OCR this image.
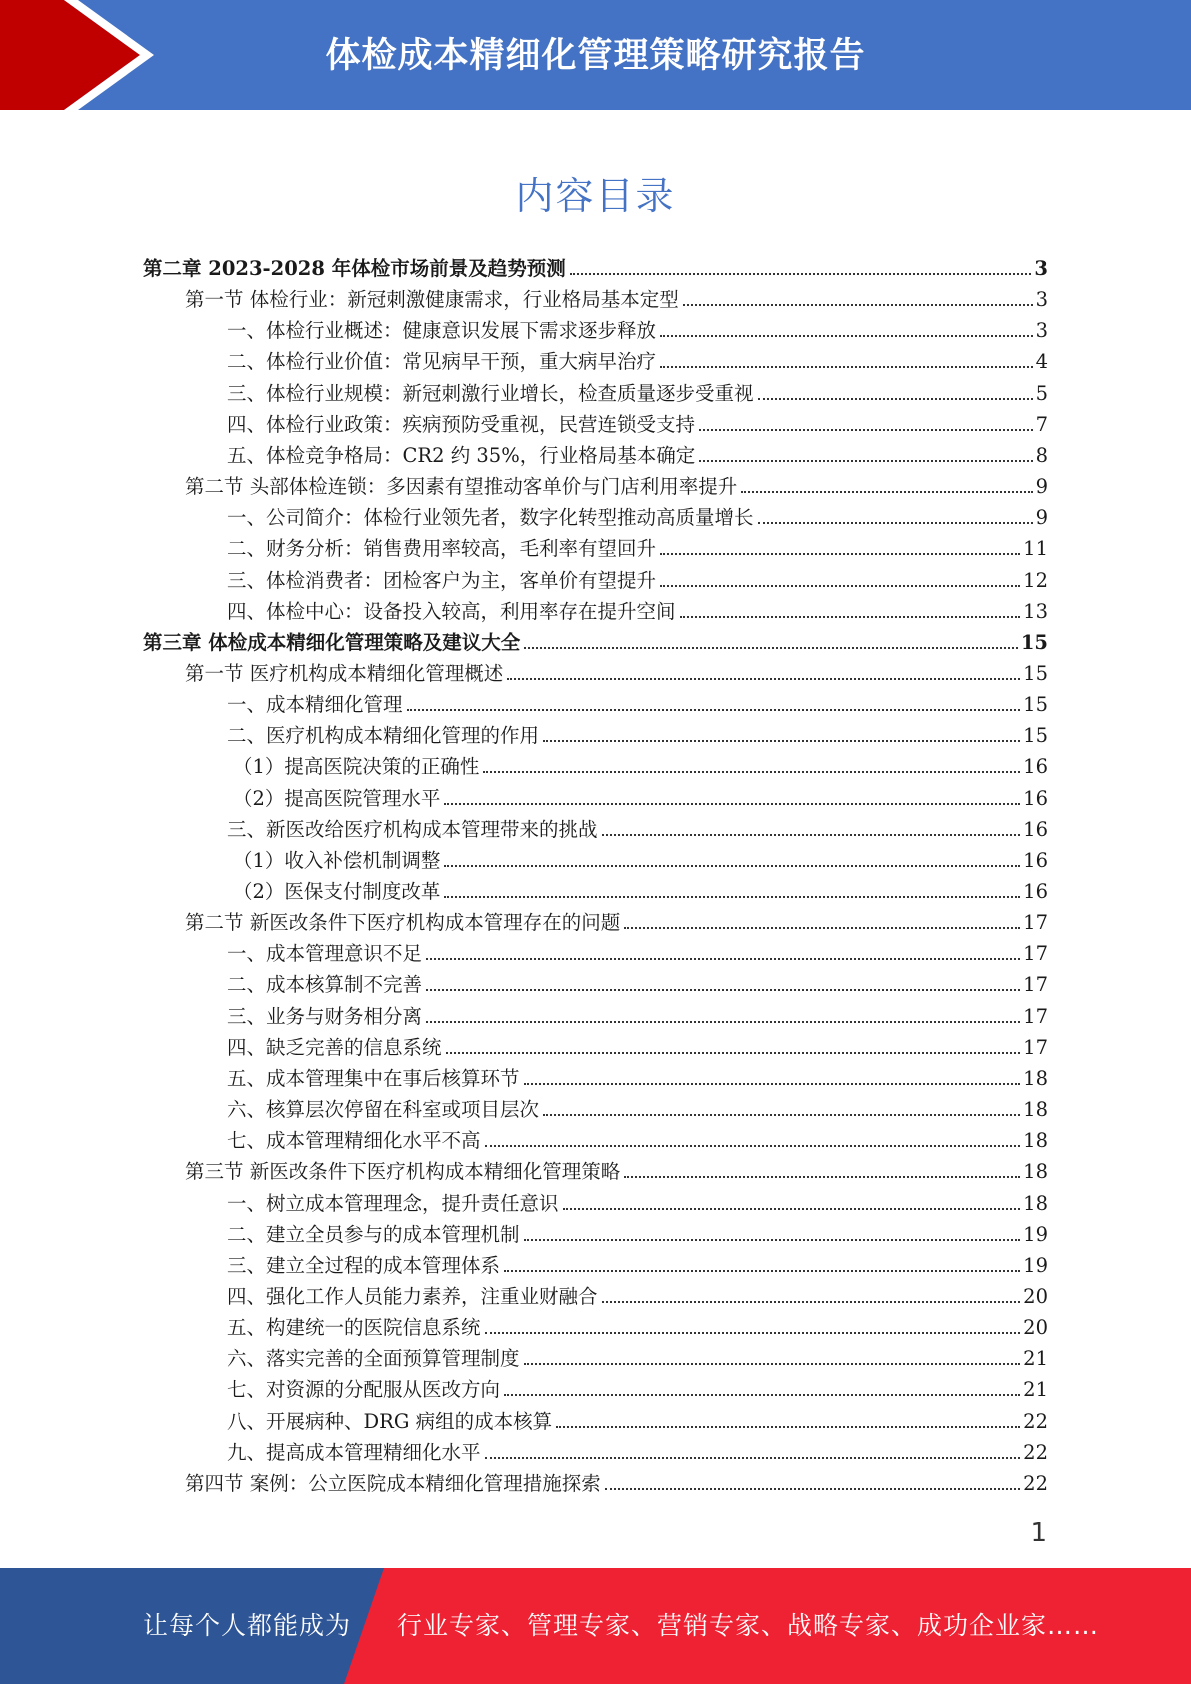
体检成本精细化管理策略研究报告
内容目录
第二章 2023-2028 年体检市场前景及趋势预测	3
第一节 体检行业：新冠刺激健康需求，行业格局基本定型	3
一、体检行业概述：健康意识发展下需求逐步释放	3
二、体检行业价值：常见病早干预，重大病早治疗	4
三、体检行业规模：新冠刺激行业增长，检查质量逐步受重视	5
四、体检行业政策：疾病预防受重视，民营连锁受支持	7
五、体检竞争格局：CR2 约 35%，行业格局基本确定	8
第二节 头部体检连锁：多因素有望推动客单价与门店利用率提升	9
一、公司简介：体检行业领先者，数字化转型推动高质量增长	9
二、财务分析：销售费用率较高，毛利率有望回升	11
三、体检消费者：团检客户为主，客单价有望提升	12
四、体检中心：设备投入较高，利用率存在提升空间	13
第三章 体检成本精细化管理策略及建议大全	15
第一节 医疗机构成本精细化管理概述	15
一、成本精细化管理	15
二、医疗机构成本精细化管理的作用	15
（1）提高医院决策的正确性	16
（2）提高医院管理水平	16
三、新医改给医疗机构成本管理带来的挑战	16
（1）收入补偿机制调整	16
（2）医保支付制度改革	16
第二节 新医改条件下医疗机构成本管理存在的问题	17
一、成本管理意识不足	17
二、成本核算制不完善	17
三、业务与财务相分离	17
四、缺乏完善的信息系统	17
五、成本管理集中在事后核算环节	18
六、核算层次停留在科室或项目层次	18
七、成本管理精细化水平不高	18
第三节 新医改条件下医疗机构成本精细化管理策略	18
一、树立成本管理理念，提升责任意识	18
二、建立全员参与的成本管理机制	19
三、建立全过程的成本管理体系	19
四、强化工作人员能力素养，注重业财融合	20
五、构建统一的医院信息系统	20
六、落实完善的全面预算管理制度	21
七、对资源的分配服从医改方向	21
八、开展病种、DRG 病组的成本核算	22
九、提高成本管理精细化水平	22
第四节 案例：公立医院成本精细化管理措施探索	22
1
让每个人都能成为 行业专家、管理专家、营销专家、战略专家、成功企业家……
